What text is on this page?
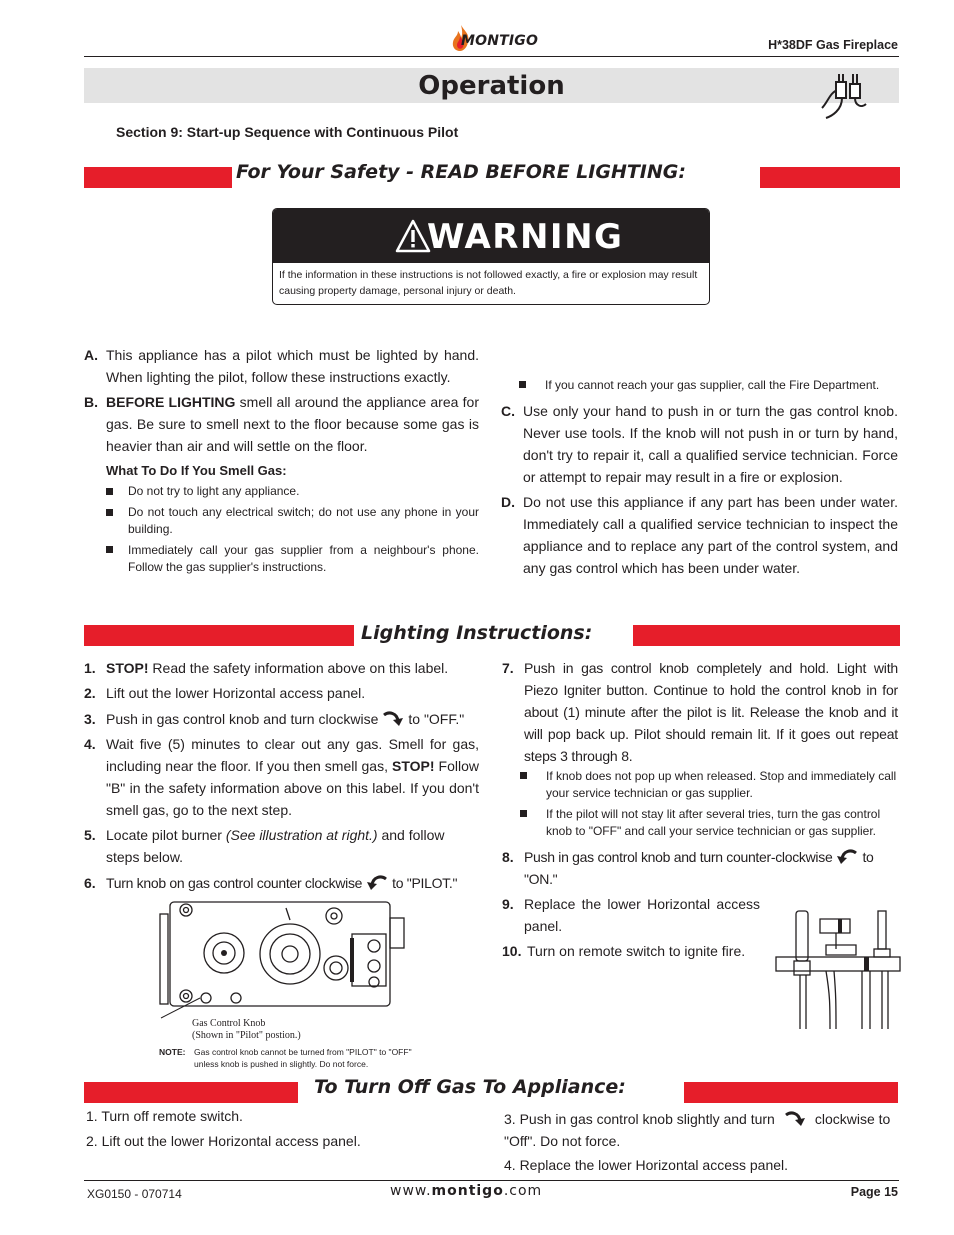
MONTIGO	H*38DF Gas Fireplace
Operation
Section 9: Start-up Sequence with Continuous Pilot
For Your Safety - READ BEFORE LIGHTING:
WARNING
If the information in these instructions is not followed exactly, a fire or explosion may result causing property damage, personal injury or death.
A. This appliance has a pilot which must be lighted by hand. When lighting the pilot, follow these instructions exactly.
B. BEFORE LIGHTING smell all around the appliance area for gas. Be sure to smell next to the floor because some gas is heavier than air and will settle on the floor.
What To Do If You Smell Gas:
Do not try to light any appliance.
Do not touch any electrical switch; do not use any phone in your building.
Immediately call your gas supplier from a neighbour's phone. Follow the gas supplier's instructions.
If you cannot reach your gas supplier, call the Fire Department.
C. Use only your hand to push in or turn the gas control knob. Never use tools. If the knob will not push in or turn by hand, don't try to repair it, call a qualified service technician. Force or attempt to repair may result in a fire or explosion.
D. Do not use this appliance if any part has been under water. Immediately call a qualified service technician to inspect the appliance and to replace any part of the control system, and any gas control which has been under water.
Lighting Instructions:
1. STOP! Read the safety information above on this label.
2. Lift out the lower Horizontal access panel.
3. Push in gas control knob and turn clockwise to "OFF."
4. Wait five (5) minutes to clear out any gas. Smell for gas, including near the floor. If you then smell gas, STOP! Follow "B" in the safety information above on this label. If you don't smell gas, go to the next step.
5. Locate pilot burner (See illustration at right.) and follow steps below.
6. Turn knob on gas control counter clockwise to "PILOT."
Gas Control Knob
(Shown in "Pilot" postion.)
NOTE: Gas control knob cannot be turned from "PILOT" to "OFF"
unless knob is pushed in slightly. Do not force.
7. Push in gas control knob completely and hold. Light with Piezo Igniter button. Continue to hold the control knob in for about (1) minute after the pilot is lit. Release the knob and it will pop back up. Pilot should remain lit. If it goes out repeat steps 3 through 8.
If knob does not pop up when released. Stop and immediately call your service technician or gas supplier.
If the pilot will not stay lit after several tries, turn the gas control knob to "OFF" and call your service technician or gas supplier.
8. Push in gas control knob and turn counter-clockwise to "ON."
9. Replace the lower Horizontal access panel.
10. Turn on remote switch to ignite fire.
To Turn Off Gas To Appliance:
1. Turn off remote switch.
2. Lift out the lower Horizontal access panel.
3. Push in gas control knob slightly and turn	clockwise to "Off". Do not force.
4. Replace the lower Horizontal access panel.
XG0150 - 070714	www.montigo.com	Page 15
